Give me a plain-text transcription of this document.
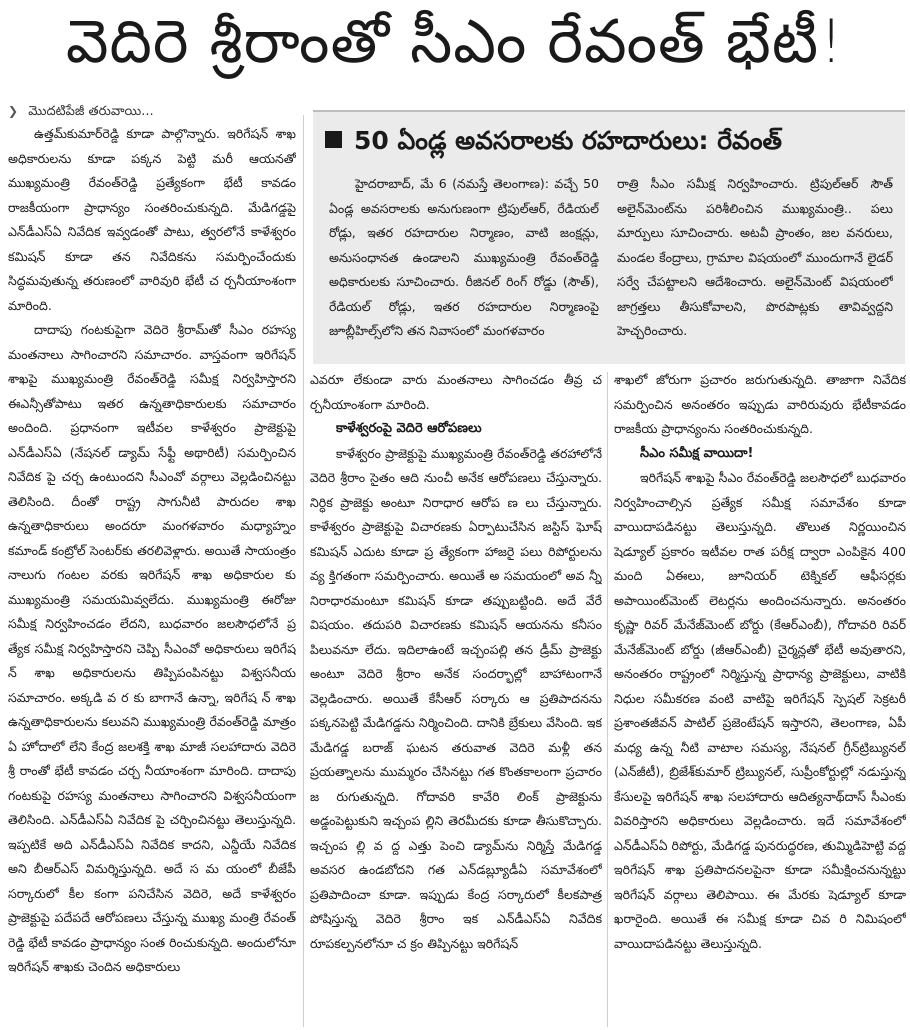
వెదిరె శ్రీరాంతో సీఎం రేవంత్ భేటీ!
❯ మొదటిపేజీ తరువాయి...

ఉత్తమ్‌కుమార్‌రెడ్డి కూడా పాల్గొన్నారు. ఇరిగేషన్ శాఖ అధికారులను కూడా పక్కన పెట్టి మరీ ఆయనతో ముఖ్యమంత్రి రేవంత్‌రెడ్డి ప్రత్యేకంగా భేటీ కావడం రాజకీయంగా ప్రాధాన్యం సంతరించుకున్నది. మేడిగడ్డపై ఎన్‌డీఎస్‌ఏ నివేదిక ఇవ్వడంతో పాటు, త్వరలోనే కాళేశ్వరం కమిషన్ కూడా తన నివేదికను సమర్పించేందుకు సిద్ధమవుతున్న తరుణంలో వారివురి భేటీ చ ర్చనీయాంశంగా మారింది.

దాదాపు గంటకుపైగా వెదిరె శ్రీరామ్‌తో సీఎం రహస్య మంతనాలు సాగించారని సమాచారం. వాస్తవంగా ఇరిగేషన్ శాఖపై ముఖ్యమంత్రి రేవంత్‌రెడ్డి సమీక్ష నిర్వహిస్తారని ఈఎన్సీతోపాటు ఇతర ఉన్నతాధికారులకు సమాచారం అందింది. ప్రధానంగా ఇటీవల కాళేశ్వరం ప్రాజెక్టుపై ఎన్‌డీఎస్‌ఏ (నేషనల్ డ్యామ్ సేఫ్టీ అథారిటీ) సమర్పించిన నివేదిక పై చర్చ ఉంటుందని సీఎంవో వర్గాలు వెల్లడించినట్టు తెలిసింది. దీంతో రాష్ట్ర సాగునీటి పారుదల శాఖ ఉన్నతాధికారులు అందరూ మంగళవారం మధ్యాహ్నం కమాండ్ కంట్రోల్ సెంటర్‌కు తరలివెళ్లారు. అయితే సాయంత్రం నాలుగు గంటల వరకు ఇరిగేషన్ శాఖ అధికారుల కు ముఖ్యమంత్రి సమయమివ్వలేదు. ముఖ్యమంత్రి ఈరోజు సమీక్ష నిర్వహించడం లేదని, బుధవారం జలసౌధలోనే ప్ర త్యేక సమీక్ష నిర్వహిస్తారని చెప్పి సీఎంవో అధికారులు ఇరిగేష న్ శాఖ అధికారులను తిప్పిపంపినట్టు విశ్వసనీయ సమాచారం. అక్కడి వ ర కు బాగానే ఉన్నా, ఇరిగేష న్ శాఖ ఉన్నతాధికారులను కలువని ముఖ్యమంత్రి రేవంత్‌రెడ్డి మాత్రం ఏ హోదాలో లేని కేంద్ర జలశక్తి శాఖ మాజీ సలహాదారు వెదిరె శ్రీ రాంతో భేటీ కావడం చర్చ నీయాంశంగా మారింది. దాదాపు గంటకుపై రహస్య మంతనాలు సాగించారని విశ్వసనీయంగా తెలిసింది. ఎన్‌డీఎస్‌ఏ నివేదిక పై చర్చించినట్టు తెలుస్తున్నది. ఇప్పటికే అది ఎన్‌డీఎస్‌ఏ నివేదిక కాదని, ఎన్డీయే నివేదిక అని బీఆర్‌ఎస్ విమర్శిస్తున్నది. అదే స మ యంలో బీజేపీ సర్కారులో కీల కంగా పనిచేసిన వెదిరె, అదే కాళేశ్వరం ప్రాజెక్టుపై పదేపదే ఆరోపణలు చేస్తున్న ముఖ్య మంత్రి రేవంత్ రెడ్డి భేటీ కావడం ప్రాధాన్యం సంత రించుకున్నది. అందులోనూ ఇరిగేషన్ శాఖకు చెందిన అధికారులు

50 ఏండ్ల అవసరాలకు రహదారులు: రేవంత్

హైదరాబాద్, మే 6 (నమస్తే తెలంగాణ): వచ్చే 50 ఏండ్ల అవసరాలకు అనుగుణంగా ట్రిపుల్‌ఆర్, రేడియల్ రోడ్లు, ఇతర రహదారుల నిర్మాణం, వాటి జంక్షన్లు, అనుసంధానత ఉండాలని ముఖ్యమంత్రి రేవంత్‌రెడ్డి అధికారులకు సూచించారు. రీజినల్ రింగ్ రోడ్డు (సౌత్), రేడియల్ రోడ్లు, ఇతర రహదారుల నిర్మాణంపై జూబ్లీహిల్స్‌లోని తన నివాసంలో మంగళవారం

రాత్రి సీఎం సమీక్ష నిర్వహించారు. ట్రిపుల్‌ఆర్ సౌత్ అలైన్‌మెంట్‌ను పరిశీలించిన ముఖ్యమంత్రి.. పలు మార్పులు సూచించారు. అటవీ ప్రాంతం, జల వనరులు, మండల కేంద్రాలు, గ్రామాల విషయంలో ముందుగానే లైడర్ సర్వే చేపట్టాలని ఆదేశించారు. అలైన్‌మెంట్ విషయంలో జాగ్రత్తలు తీసుకోవాలని, పొరపాట్లకు తావివ్వద్దని హెచ్చరించారు.

ఎవరూ లేకుండా వారు మంతనాలు సాగించడం తీవ్ర చ ర్చనీయాంశంగా మారింది.

కాళేశ్వరంపై వెదిరె ఆరోపణలు

కాళేశ్వరం ప్రాజెక్టుపై ముఖ్యమంత్రి రేవంత్‌రెడ్డి తరహాలోనే వెదిరె శ్రీరాం సైతం ఆది నుంచీ అనేక ఆరోపణలు చేస్తున్నారు. నిర్ధిక ప్రాజెక్టు అంటూ నిరాధార ఆరోప ణ లు చేస్తున్నారు. కాళేశ్వరం ప్రాజెక్టుపై విచారణకు ఏర్పాటుచేసిన జస్టిస్ ఘోష్ కమిషన్ ఎదుట కూడా ప్ర త్యేకంగా హాజరై పలు రిపోర్టులను వ్య క్తిగతంగా సమర్పించారు. అయితే అ సమయంలో అవ న్నీ నిరాధారమంటూ కమిషన్ కూడా తప్పుబట్టింది. అదే వేరే విషయం. తదుపరి విచారణకు కమిషన్ ఆయనను కనీసం పిలువనూ లేదు. ఇదిలాఉంటే ఇచ్చంపల్లి తన డ్రీమ్ ప్రాజెక్టు అంటూ వెదిరె శ్రీరాం అనేక సందర్భాల్లో బాహాటంగానే వెల్లడించారు. అయితే కేసీఆర్ సర్కారు ఆ ప్రతిపాదనను పక్కనపెట్టి మేడిగడ్డను నిర్మించింది. దానికి బ్రేకులు వేసింది. ఇక మేడిగడ్డ బరాజ్ ఘటన తరువాత వెదిరె మళ్లీ తన ప్రయత్నాలను ముమ్మరం చేసినట్టు గత కొంతకాలంగా ప్రచారం జ రుగుతున్నది. గోదావరి కావేరి లింక్ ప్రాజెక్టును అడ్డంపెట్టుకుని ఇచ్చంప ల్లిని తెరమీదకు కూడా తీసుకొచ్చారు. ఇచ్చంప ల్లి వ ద్ద ఎత్తు పెంచి డ్యామ్‌ను నిర్మిస్తే మేడిగడ్డ అవసర ఉండబోదని గత ఎన్‌డబ్ల్యూడీఏ సమావేశంలో ప్రతిపాదించా కూడా. ఇప్పుడు కేంద్ర సర్కారులో కీలకపాత్ర పోషిస్తున్న వెదిరె శ్రీరాం ఇక ఎన్‌డీఎస్‌ఏ నివేదిక రూపకల్పనలోనూ చ క్రం తిప్పినట్టు ఇరిగేషన్

శాఖలో జోరుగా ప్రచారం జరుగుతున్నది. తాజాగా నివేదిక సమర్పించిన అనంతరం ఇప్పుడు వారిరువురు భేటీకావడం రాజకీయ ప్రాధాన్యంను సంతరించుకున్నది.

సీఎం సమీక్ష వాయిదా!

ఇరిగేషన్ శాఖపై సీఎం రేవంత్‌రెడ్డి జలసౌధలో బుధవారం నిర్వహించాల్సిన ప్రత్యేక సమీక్ష సమావేశం కూడా వాయిదాపడినట్టు తెలుస్తున్నది. తొలుత నిర్ణయించిన షెడ్యూల్ ప్రకారం ఇటీవల రాత పరీక్ష ద్వారా ఎంపికైన 400 మంది ఏఈలు, జూనియర్ టెక్నికల్ ఆఫీసర్లకు అపాయింట్‌మెంట్ లెటర్లను అందించనున్నారు. అనంతరం కృష్ణా రివర్ మేనేజ్‌మెంట్ బోర్డు (కేఆర్‌ఎంబీ), గోదావరి రివర్ మేనేజ్‌మెంట్ బోర్డు (జీఆర్‌ఎంబీ) చైర్మన్లతో భేటీ అవుతారని, అనంతరం రాష్ట్రంలో నిర్మిస్తున్న ప్రాధాన్య ప్రాజెక్టులు, వాటికి నిధుల సమీకరణ వంటి వాటిపై ఇరిగేషన్ స్పెషల్ సెక్రటరీ ప్రశాంతజీవన్ పాటిల్ ప్రజెంటేషన్ ఇస్తారని, తెలంగాణ, ఏపీ మధ్య ఉన్న నీటి వాటాల సమస్య, నేషనల్ గ్రీన్‌ట్రిబ్యునల్ (ఎన్‌జీటీ), బ్రిజేశ్‌కుమార్ ట్రిబ్యునల్, సుప్రీంకోర్టుల్లో నడుస్తున్న కేసులపై ఇరిగేషన్ శాఖ సలహాదారు ఆదిత్యనాథ్‌దాస్ సీఎంకు వివరిస్తారని అధికారులు వెల్లడించారు. ఇదే సమావేశంలో ఎన్‌డీఎస్‌ఏ రిపోర్టు, మేడిగడ్డ పునరుద్ధరణ, తుమ్మిడిహెట్టి వద్ద ఇరిగేషన్ శాఖ ప్రతిపాదనలపైనా కూడా సమీక్షించనున్నట్టు ఇరిగేషన్ వర్గాలు తెలిపాయి. ఈ మేరకు షెడ్యూల్ కూడా ఖరారైంది. అయితే ఈ సమీక్ష కూడా చివ రి నిమిషంలో వాయిదాపడినట్టు తెలుస్తున్నది.
